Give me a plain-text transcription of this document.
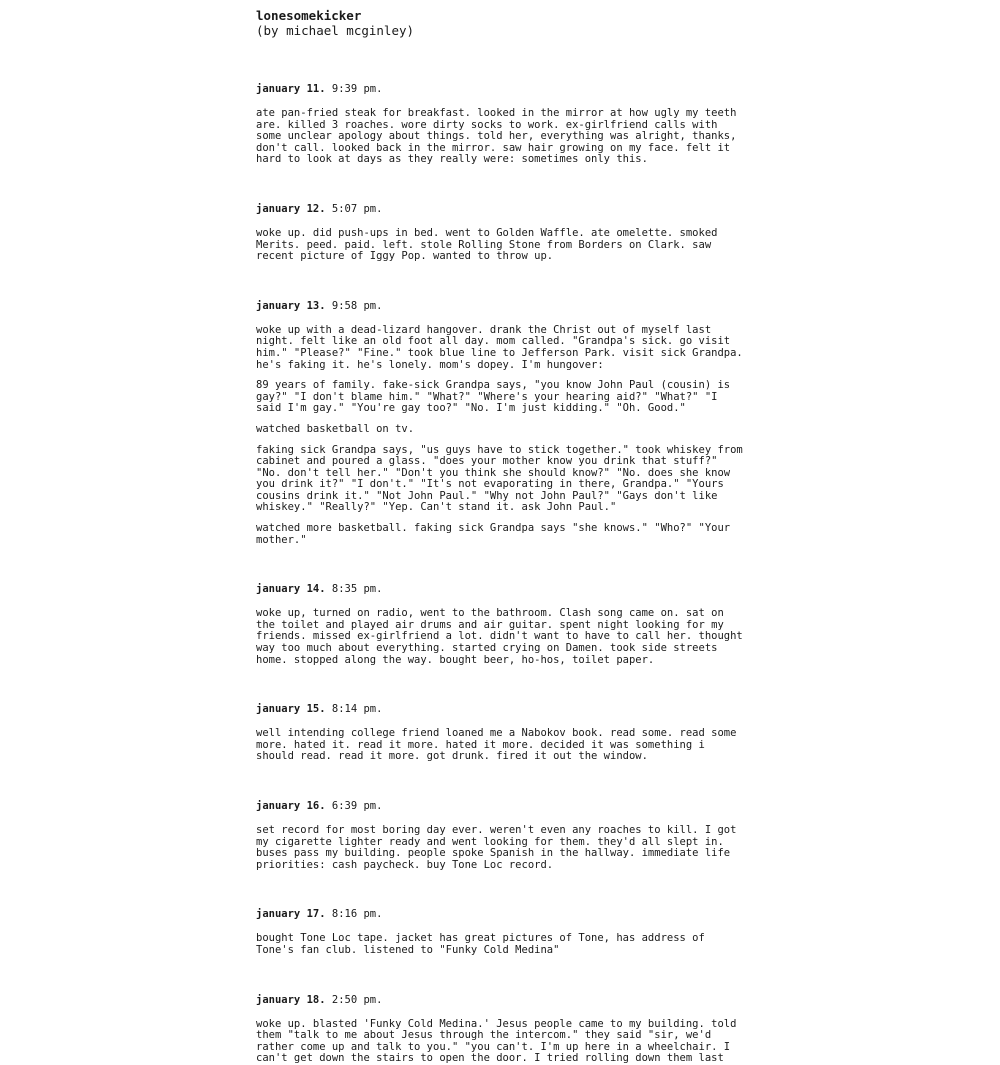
lonesomekicker
(by michael mcginley)
january 11. 9:39 pm.
ate pan-fried steak for breakfast. looked in the mirror at how ugly my teeth
are. killed 3 roaches. wore dirty socks to work. ex-girlfriend calls with
some unclear apology about things. told her, everything was alright, thanks,
don't call. looked back in the mirror. saw hair growing on my face. felt it
hard to look at days as they really were: sometimes only this.
january 12. 5:07 pm.
woke up. did push-ups in bed. went to Golden Waffle. ate omelette. smoked
Merits. peed. paid. left. stole Rolling Stone from Borders on Clark. saw
recent picture of Iggy Pop. wanted to throw up.
january 13. 9:58 pm.
woke up with a dead-lizard hangover. drank the Christ out of myself last
night. felt like an old foot all day. mom called. "Grandpa's sick. go visit
him." "Please?" "Fine." took blue line to Jefferson Park. visit sick Grandpa.
he's faking it. he's lonely. mom's dopey. I'm hungover:
89 years of family. fake-sick Grandpa says, "you know John Paul (cousin) is
gay?" "I don't blame him." "What?" "Where's your hearing aid?" "What?" "I
said I'm gay." "You're gay too?" "No. I'm just kidding." "Oh. Good."
watched basketball on tv.
faking sick Grandpa says, "us guys have to stick together." took whiskey from
cabinet and poured a glass. "does your mother know you drink that stuff?"
"No. don't tell her." "Don't you think she should know?" "No. does she know
you drink it?" "I don't." "It's not evaporating in there, Grandpa." "Yours
cousins drink it." "Not John Paul." "Why not John Paul?" "Gays don't like
whiskey." "Really?" "Yep. Can't stand it. ask John Paul."
watched more basketball. faking sick Grandpa says "she knows." "Who?" "Your
mother."
january 14. 8:35 pm.
woke up, turned on radio, went to the bathroom. Clash song came on. sat on
the toilet and played air drums and air guitar. spent night looking for my
friends. missed ex-girlfriend a lot. didn't want to have to call her. thought
way too much about everything. started crying on Damen. took side streets
home. stopped along the way. bought beer, ho-hos, toilet paper.
january 15. 8:14 pm.
well intending college friend loaned me a Nabokov book. read some. read some
more. hated it. read it more. hated it more. decided it was something i
should read. read it more. got drunk. fired it out the window.
january 16. 6:39 pm.
set record for most boring day ever. weren't even any roaches to kill. I got
my cigarette lighter ready and went looking for them. they'd all slept in.
buses pass my building. people spoke Spanish in the hallway. immediate life
priorities: cash paycheck. buy Tone Loc record.
january 17. 8:16 pm.
bought Tone Loc tape. jacket has great pictures of Tone, has address of
Tone's fan club. listened to "Funky Cold Medina"
january 18. 2:50 pm.
woke up. blasted 'Funky Cold Medina.' Jesus people came to my building. told
them "talk to me about Jesus through the intercom." they said "sir, we'd
rather come up and talk to you." "you can't. I'm up here in a wheelchair. I
can't get down the stairs to open the door. I tried rolling down them last
